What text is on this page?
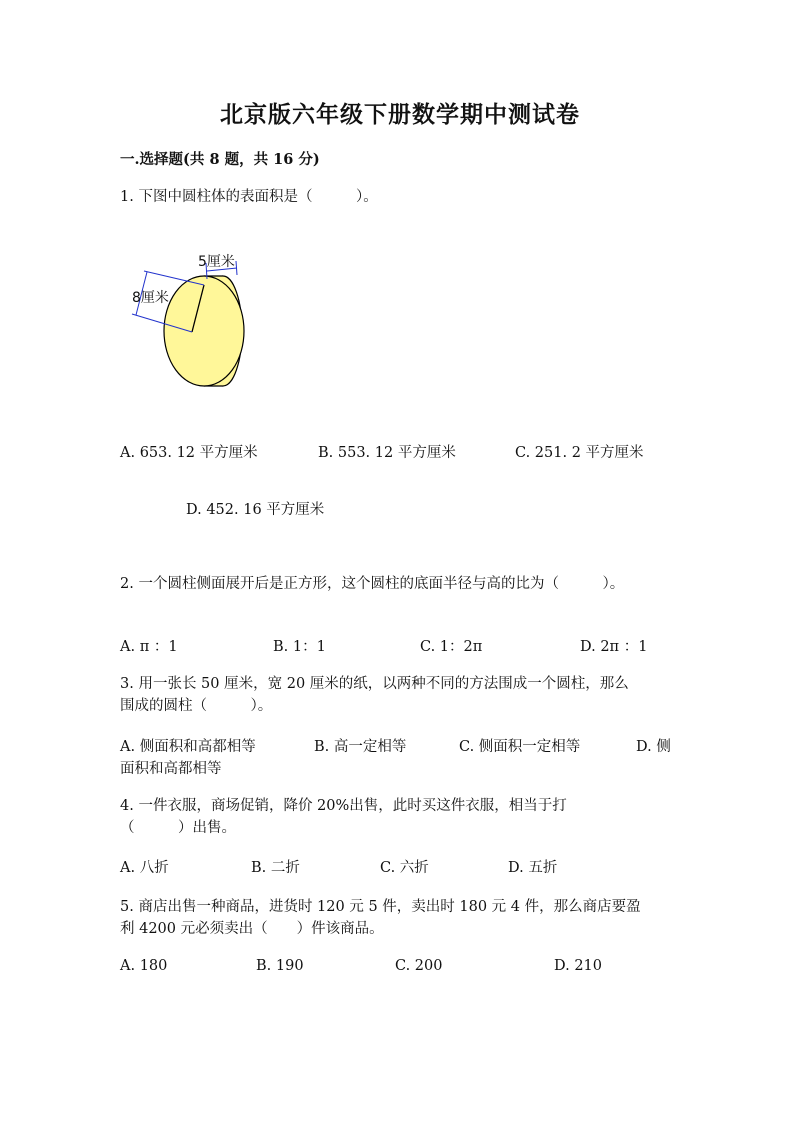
北京版六年级下册数学期中测试卷
一.选择题(共 8 题，共 16 分)
1. 下图中圆柱体的表面积是（　　　）。
5厘米
8厘米
A. 653. 12 平方厘米	B. 553. 12 平方厘米	C. 251. 2 平方厘米
D. 452. 16 平方厘米
2. 一个圆柱侧面展开后是正方形，这个圆柱的底面半径与高的比为（　　　）。
A. π ：1	B. 1：1	C. 1：2π	D. 2π ：1
3. 用一张长 50 厘米，宽 20 厘米的纸，以两种不同的方法围成一个圆柱，那么
围成的圆柱（　　　）。
A. 侧面积和高都相等	B. 高一定相等	C. 侧面积一定相等	D. 侧
面积和高都相等
4. 一件衣服，商场促销，降价 20%出售，此时买这件衣服，相当于打
（　　　）出售。
A. 八折	B. 二折	C. 六折	D. 五折
5. 商店出售一种商品，进货时 120 元 5 件，卖出时 180 元 4 件，那么商店要盈
利 4200 元必须卖出（　　）件该商品。
A. 180	B. 190	C. 200	D. 210
